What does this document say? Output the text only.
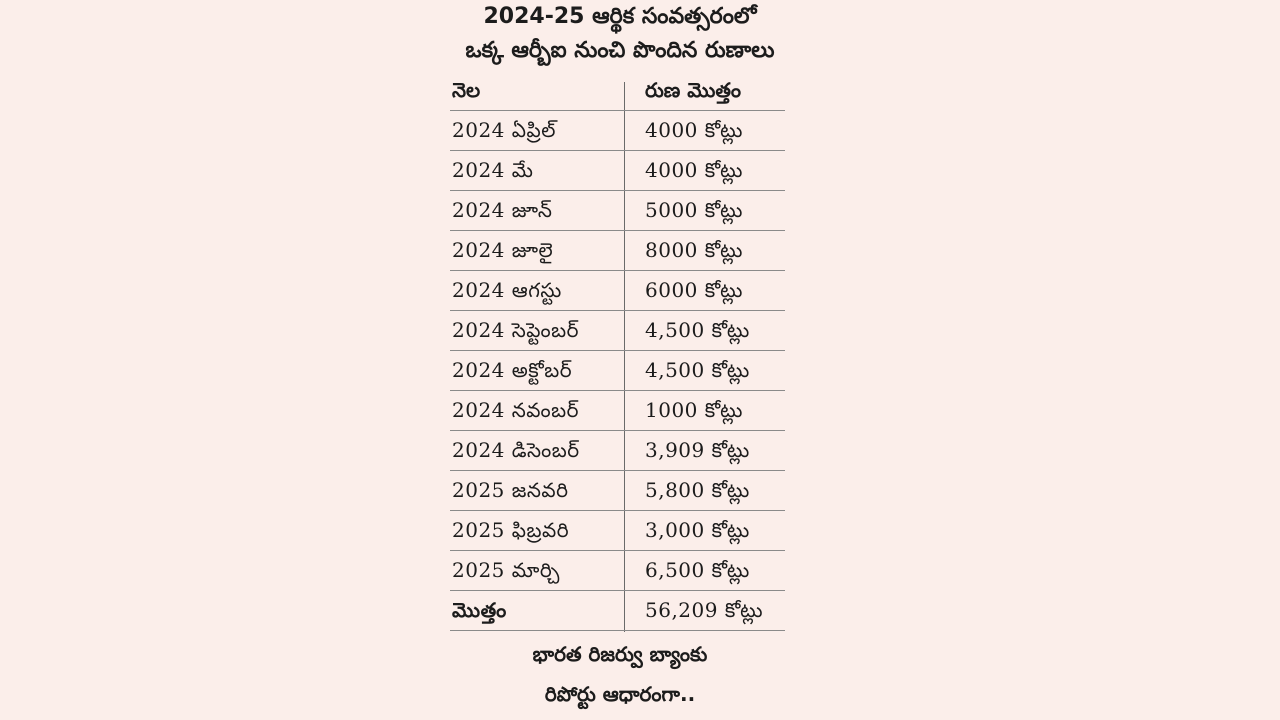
2024-25 ఆర్థిక సంవత్సరంలో
ఒక్క ఆర్బీఐ నుంచి పొందిన రుణాలు
నెల	రుణ మొత్తం
2024 ఏప్రిల్	4000 కోట్లు
2024 మే	4000 కోట్లు
2024 జూన్	5000 కోట్లు
2024 జూలై	8000 కోట్లు
2024 ఆగస్టు	6000 కోట్లు
2024 సెప్టెంబర్	4,500 కోట్లు
2024 అక్టోబర్	4,500 కోట్లు
2024 నవంబర్	1000 కోట్లు
2024 డిసెంబర్	3,909 కోట్లు
2025 జనవరి	5,800 కోట్లు
2025 ఫిబ్రవరి	3,000 కోట్లు
2025 మార్చి	6,500 కోట్లు
మొత్తం	56,209 కోట్లు
భారత రిజర్వు బ్యాంకు
రిపోర్టు ఆధారంగా..
